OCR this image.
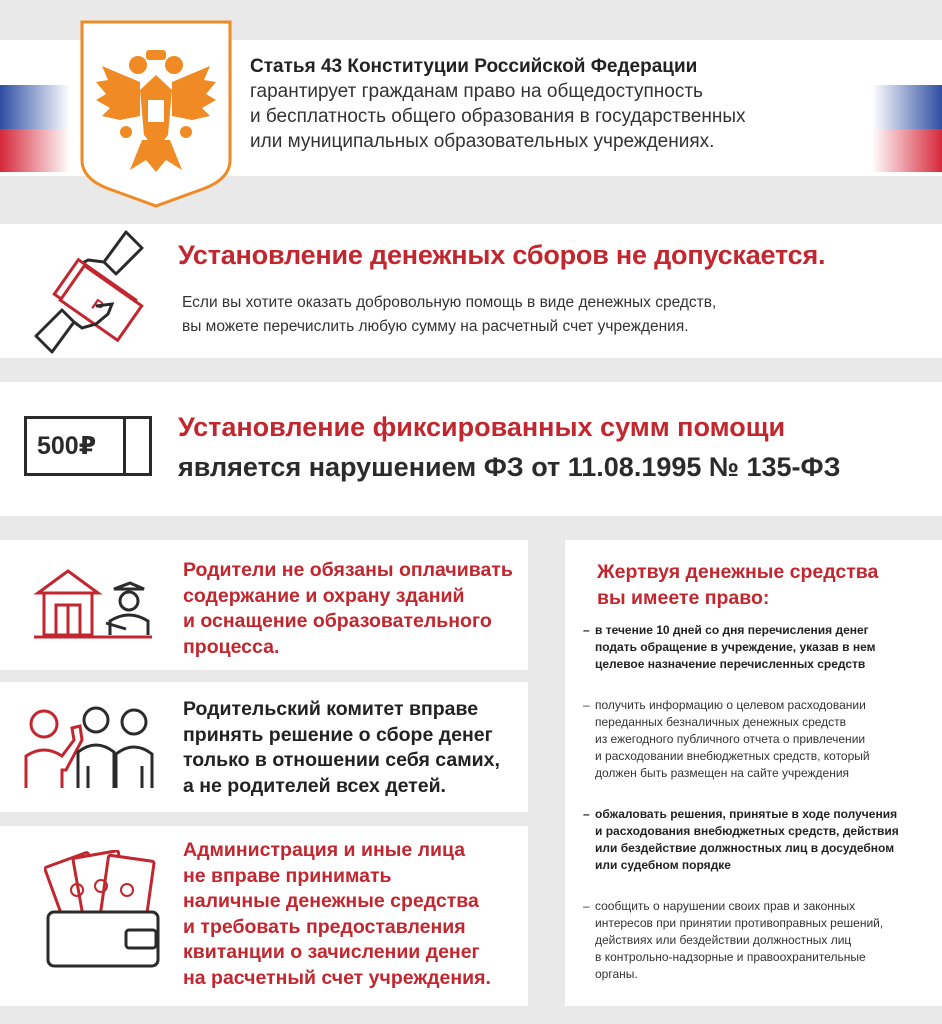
Статья 43 Конституции Российской Федерации
гарантирует гражданам право на общедоступность
и бесплатность общего образования в государственных
или муниципальных образовательных учреждениях.
Р
Установление денежных сборов не допускается.
Если вы хотите оказать добровольную помощь в виде денежных средств,
вы можете перечислить любую сумму на расчетный счет учреждения.
500₽
Установление фиксированных сумм помощи
является нарушением ФЗ от 11.08.1995 № 135-ФЗ
Родители не обязаны оплачивать
содержание и охрану зданий
и оснащение образовательного
процесса.
Родительский комитет вправе
принять решение о сборе денег
только в отношении себя самих,
а не родителей всех детей.
Администрация и иные лица
не вправе принимать
наличные денежные средства
и требовать предоставления
квитанции о зачислении денег
на расчетный счет учреждения.
Жертвуя денежные средства
вы имеете право:
– в течение 10 дней со дня перечисления денег
подать обращение в учреждение, указав в нем
целевое назначение перечисленных средств
– получить информацию о целевом расходовании
переданных безналичных денежных средств
из ежегодного публичного отчета о привлечении
и расходовании внебюджетных средств, который
должен быть размещен на сайте учреждения
– обжаловать решения, принятые в ходе получения
и расходования внебюджетных средств, действия
или бездействие должностных лиц в досудебном
или судебном порядке
– сообщить о нарушении своих прав и законных
интересов при принятии противоправных решений,
действиях или бездействии должностных лиц
в контрольно-надзорные и правоохранительные
органы.
